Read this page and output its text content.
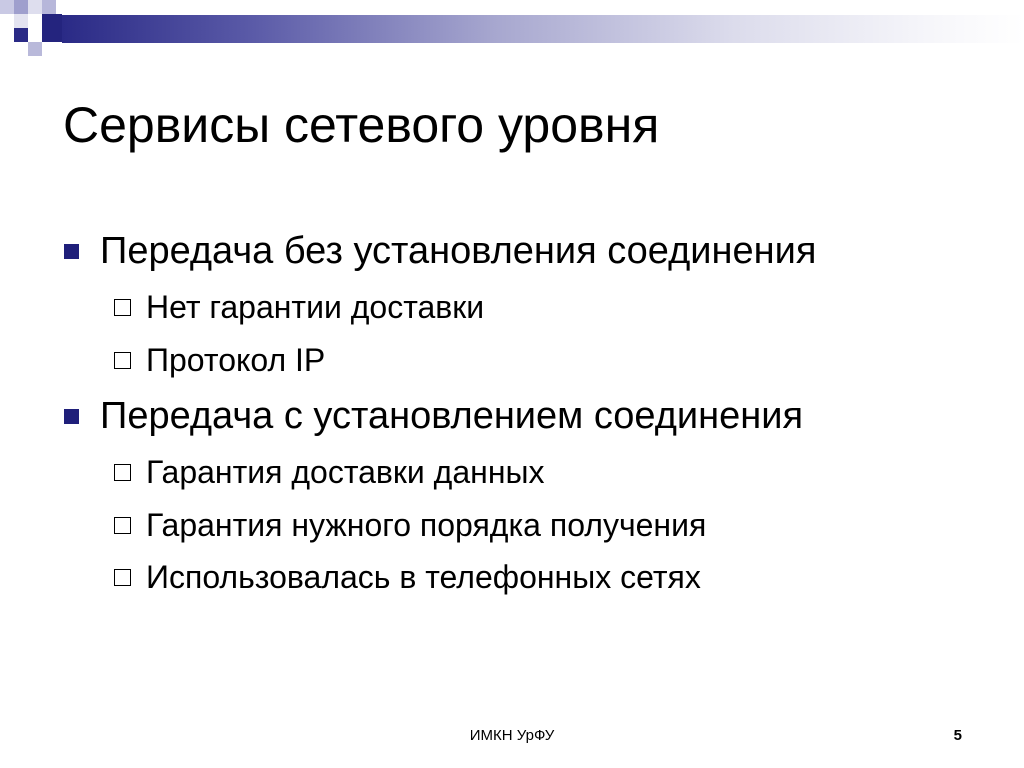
Сервисы сетевого уровня
Передача без установления соединения
Нет гарантии доставки
Протокол IP
Передача с установлением соединения
Гарантия доставки данных
Гарантия нужного порядка получения
Использовалась в телефонных сетях
ИМКН УрФУ	5
